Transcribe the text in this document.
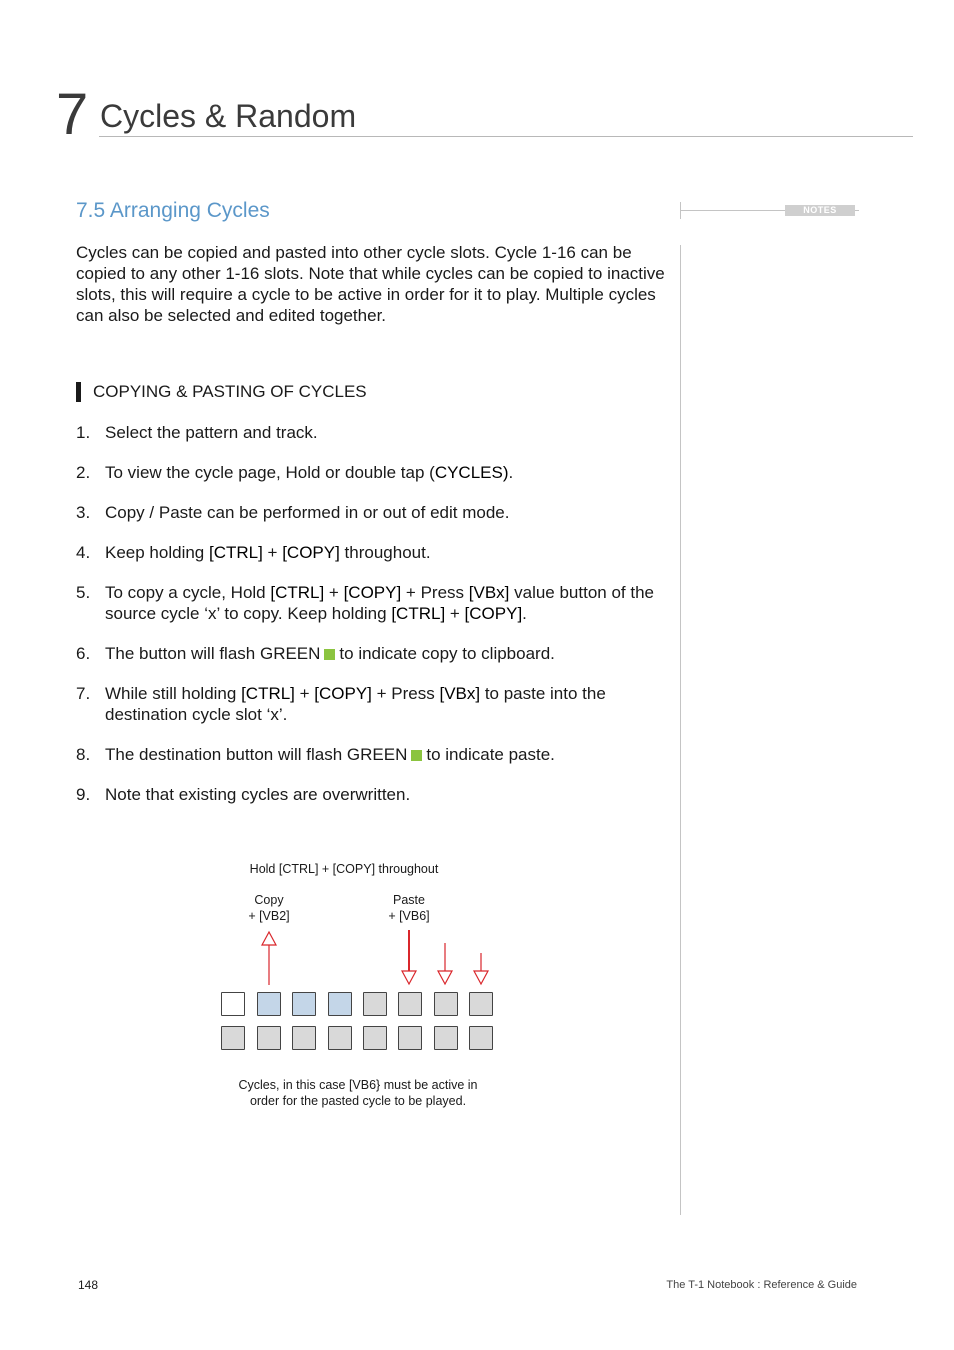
7 Cycles & Random
7.5 Arranging Cycles	NOTES

Cycles can be copied and pasted into other cycle slots. Cycle 1-16 can be copied to any other 1-16 slots. Note that while cycles can be copied to inactive slots, this will require a cycle to be active in order for it to play. Multiple cycles can also be selected and edited together.

COPYING & PASTING OF CYCLES
1. Select the pattern and track.
2. To view the cycle page, Hold or double tap (CYCLES).
3. Copy / Paste can be performed in or out of edit mode.
4. Keep holding [CTRL] + [COPY] throughout.
5. To copy a cycle, Hold [CTRL] + [COPY] + Press [VBx] value button of the source cycle ‘x’ to copy. Keep holding [CTRL] + [COPY].
6. The button will flash GREEN to indicate copy to clipboard.
7. While still holding [CTRL] + [COPY] + Press [VBx] to paste into the destination cycle slot ‘x’.
8. The destination button will flash GREEN to indicate paste.
9. Note that existing cycles are overwritten.
Hold [CTRL] + [COPY] throughout
Copy
+ [VB2]
Paste
+ [VB6]
Cycles, in this case [VB6} must be active in
order for the pasted cycle to be played.
148	The T-1 Notebook : Reference & Guide
